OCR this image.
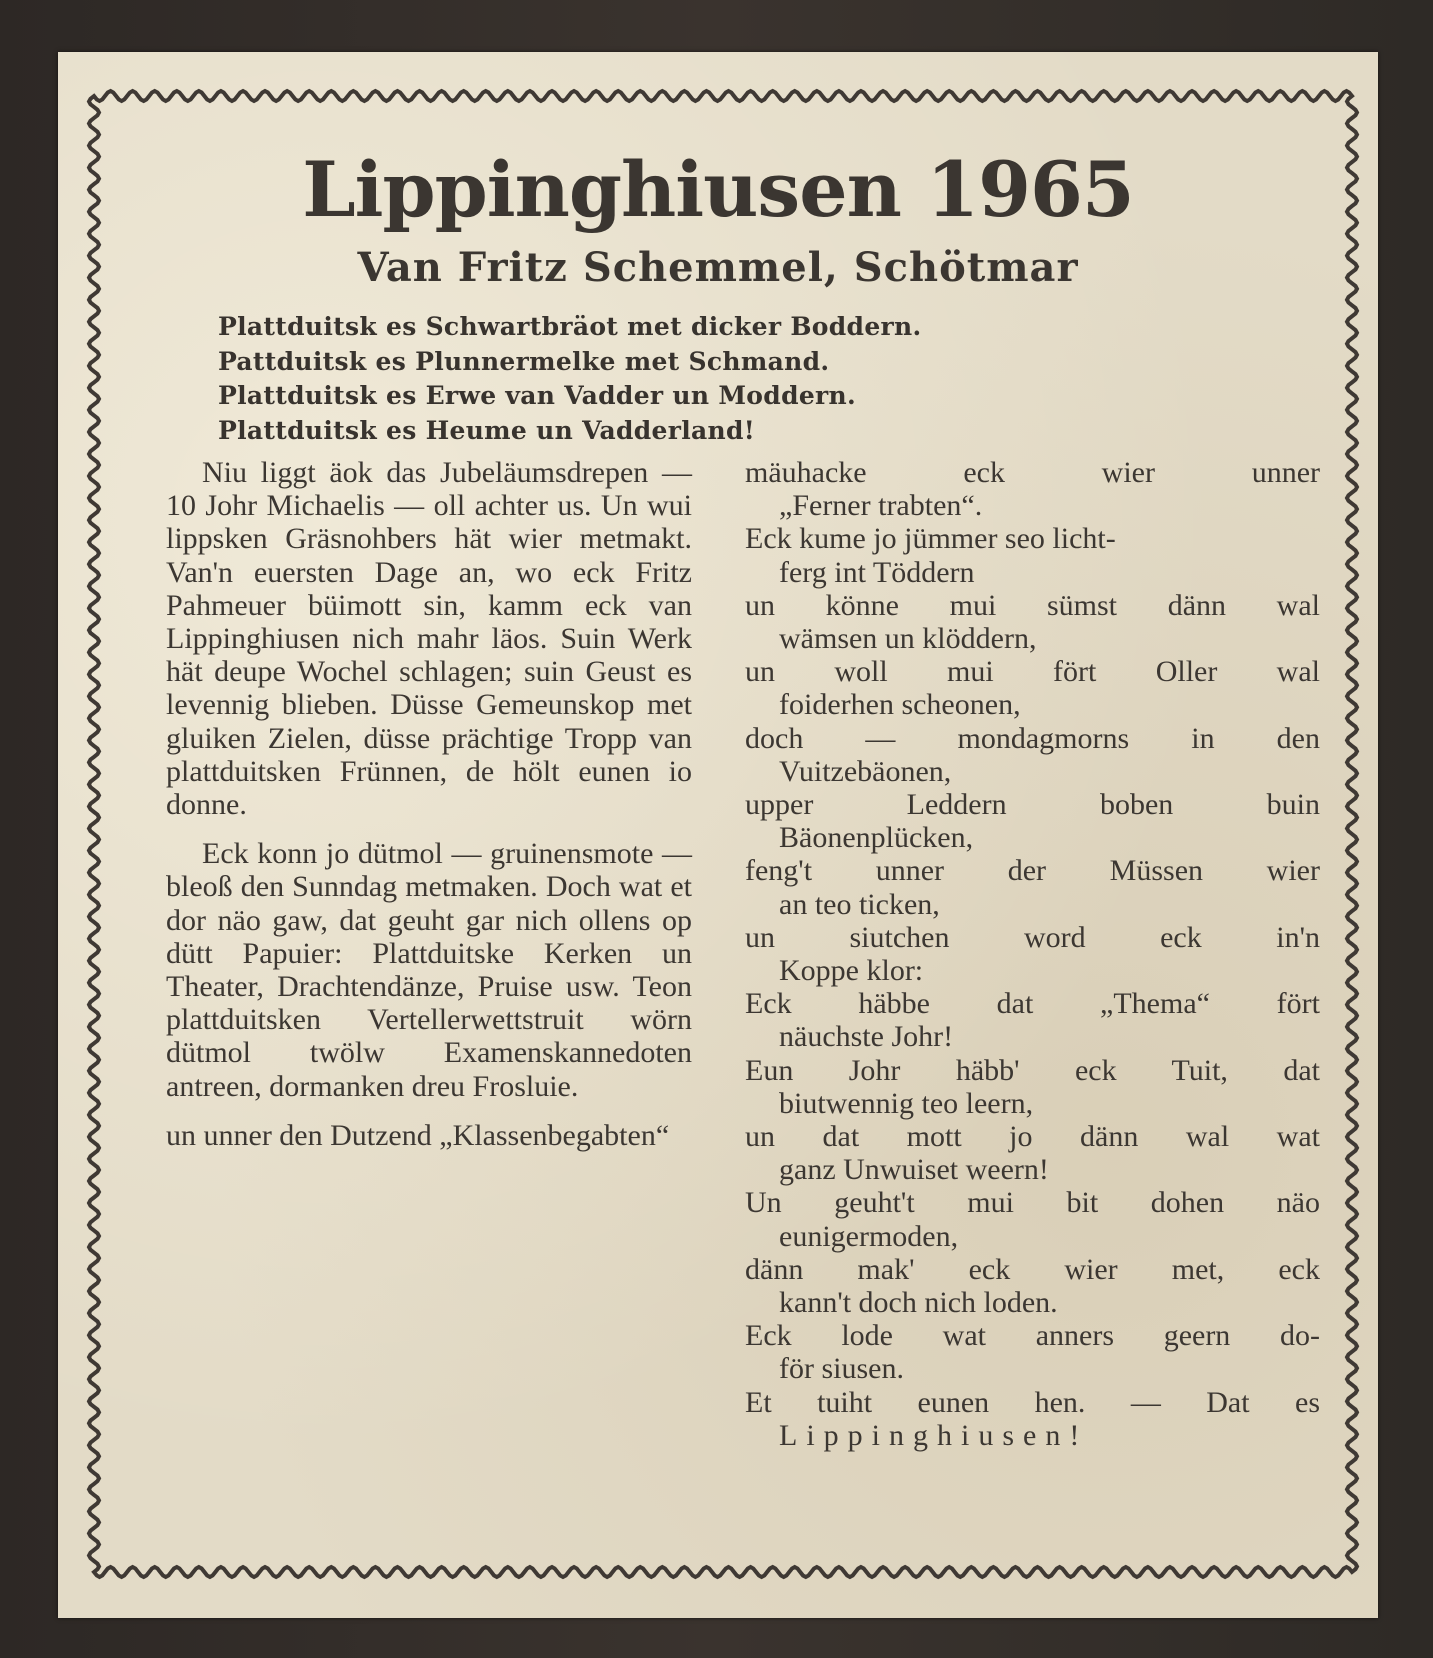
Lippinghiusen 1965
Van Fritz Schemmel, Schötmar
Plattduitsk es Schwartbräot met dicker Boddern.
Pattduitsk es Plunnermelke met Schmand.
Plattduitsk es Erwe van Vadder un Moddern.
Plattduitsk es Heume un Vadderland!

Niu liggt äok das Jubeläumsdrepen — 10 Johr Michaelis — oll achter us. Un wui lippsken Gräsnohbers hät wier metmakt. Van'n euersten Dage an, wo eck Fritz Pahmeuer büimott sin, kamm eck van Lippinghiusen nich mahr läos. Suin Werk hät deupe Wochel schlagen; suin Geust es levennig blieben. Düsse Gemeunskop met gluiken Zielen, düsse prächtige Tropp van plattduitsken Frünnen, de hölt eunen io donne.

Eck konn jo dütmol — gruinensmote — bleoß den Sunndag metmaken. Doch wat et dor näo gaw, dat geuht gar nich ollens op dütt Papuier: Plattduitske Kerken un Theater, Drachtendänze, Pruise usw. Teon plattduitsken Vertellerwettstruit wörn dütmol twölw Examenskannedoten antreen, dormanken dreu Frosluie.

un unner den Dutzend „Klassenbegabten“

mäuhacke eck wier unner
„Ferner trabten“.
Eck kume jo jümmer seo licht-
ferg int Töddern
un könne mui sümst dänn wal
wämsen un klöddern,
un woll mui fört Oller wal
foiderhen scheonen,
doch — mondagmorns in den
Vuitzebäonen,
upper Leddern boben buin
Bäonenplücken,
feng't unner der Müssen wier
an teo ticken,
un siutchen word eck in'n
Koppe klor:
Eck häbbe dat „Thema“ fört
näuchste Johr!
Eun Johr häbb' eck Tuit, dat
biutwennig teo leern,
un dat mott jo dänn wal wat
ganz Unwuiset weern!
Un geuht't mui bit dohen näo
eunigermoden,
dänn mak' eck wier met, eck
kann't doch nich loden.
Eck lode wat anners geern do-
för siusen.
Et tuiht eunen hen. — Dat es
Lippinghiusen!
